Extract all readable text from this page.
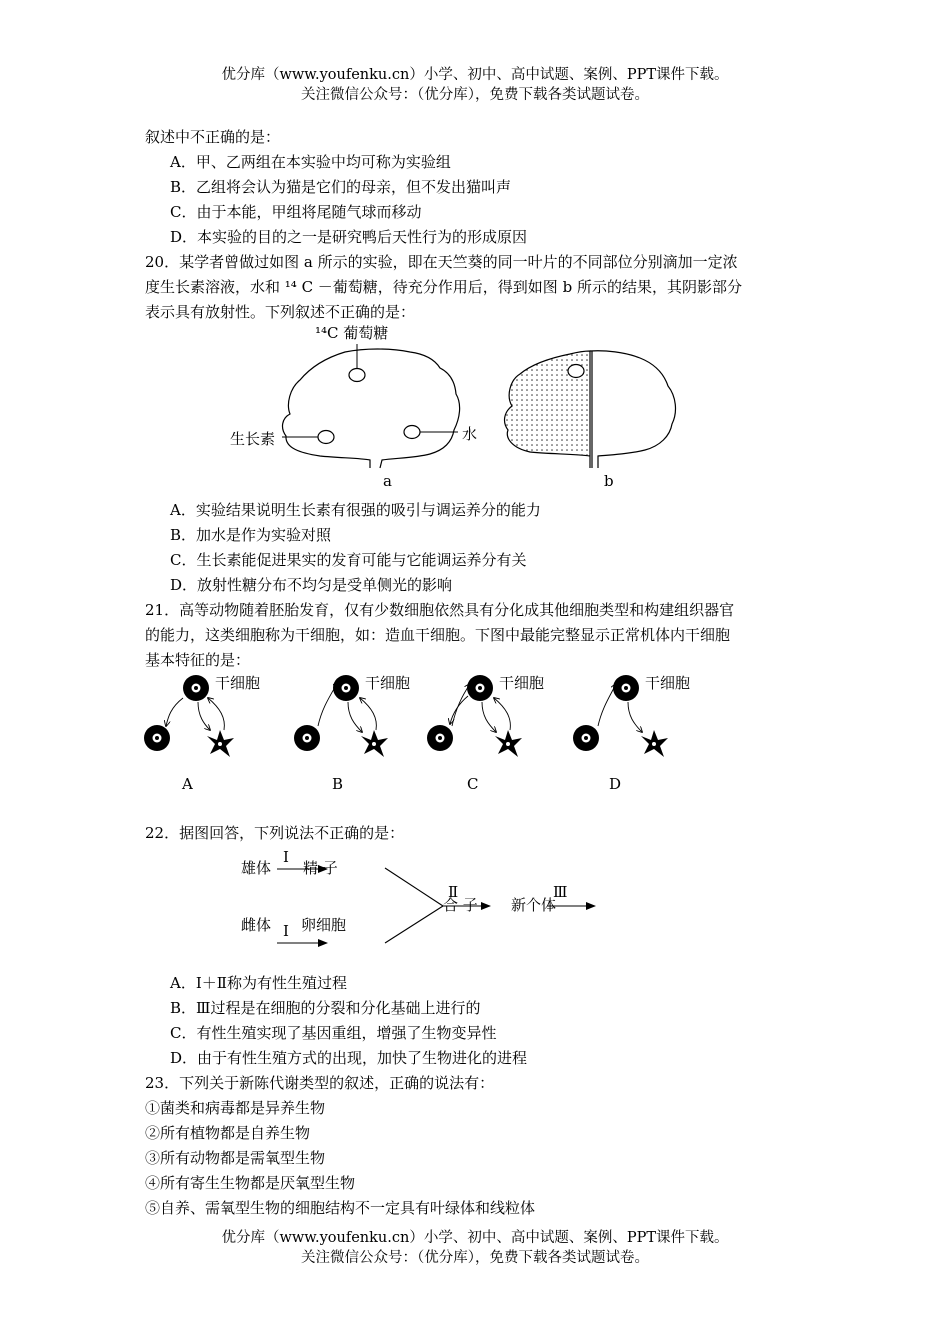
优分库（www.youfenku.cn）小学、初中、高中试题、案例、PPT课件下载。
关注微信公众号：（优分库），免费下载各类试题试卷。
叙述中不正确的是：
A．甲、乙两组在本实验中均可称为实验组
B．乙组将会认为猫是它们的母亲，但不发出猫叫声
C．由于本能，甲组将尾随气球而移动
D．本实验的目的之一是研究鸭后天性行为的形成原因
20．某学者曾做过如图 a 所示的实验，即在天竺葵的同一叶片的不同部位分别滴加一定浓
度生长素溶液，水和 ¹⁴ C －葡萄糖，待充分作用后，得到如图 b 所示的结果，其阴影部分
表示具有放射性。下列叙述不正确的是：
¹⁴C 葡萄糖
生长素	水
a	b
A．实验结果说明生长素有很强的吸引与调运养分的能力
B．加水是作为实验对照
C．生长素能促进果实的发育可能与它能调运养分有关
D．放射性糖分布不均匀是受单侧光的影响
21．高等动物随着胚胎发育，仅有少数细胞依然具有分化成其他细胞类型和构建组织器官
的能力，这类细胞称为干细胞，如：造血干细胞。下图中最能完整显示正常机体内干细胞
基本特征的是：
干细胞
A
干细胞
B
干细胞
C
干细胞
D
22．据图回答，下列说法不正确的是：
雄体
Ⅰ
精 子
雌体 Ⅰ 卵细胞
Ⅱ
合 子 新个体
Ⅲ
A．Ⅰ＋Ⅱ称为有性生殖过程
B．Ⅲ过程是在细胞的分裂和分化基础上进行的
C．有性生殖实现了基因重组，增强了生物变异性
D．由于有性生殖方式的出现，加快了生物进化的进程
23．下列关于新陈代谢类型的叙述，正确的说法有：
①菌类和病毒都是异养生物
②所有植物都是自养生物
③所有动物都是需氧型生物
④所有寄生生物都是厌氧型生物
⑤自养、需氧型生物的细胞结构不一定具有叶绿体和线粒体
优分库（www.youfenku.cn）小学、初中、高中试题、案例、PPT课件下载。
关注微信公众号：（优分库），免费下载各类试题试卷。
